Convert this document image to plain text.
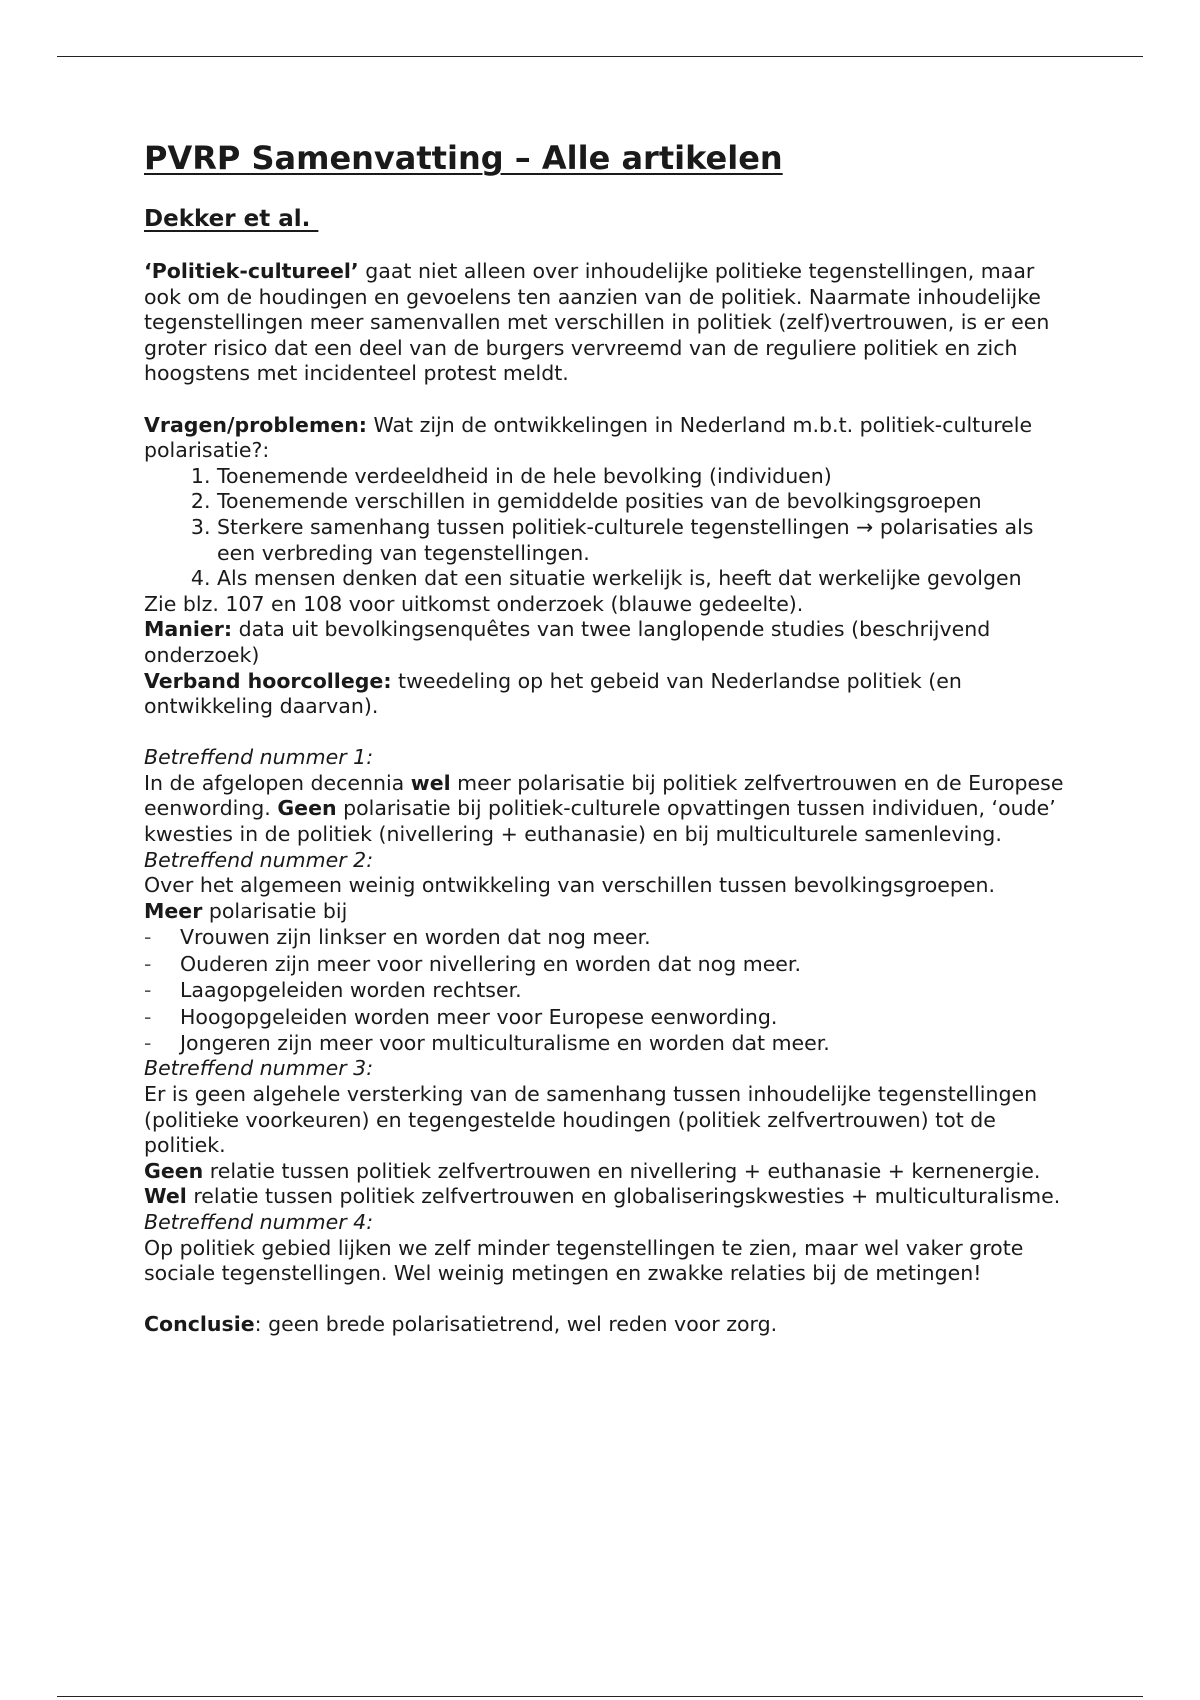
PVRP Samenvatting – Alle artikelen
Dekker et al.

‘Politiek-cultureel’ gaat niet alleen over inhoudelijke politieke tegenstellingen, maar ook om de houdingen en gevoelens ten aanzien van de politiek. Naarmate inhoudelijke tegenstellingen meer samenvallen met verschillen in politiek (zelf)vertrouwen, is er een groter risico dat een deel van de burgers vervreemd van de reguliere politiek en zich hoogstens met incidenteel protest meldt.

Vragen/problemen: Wat zijn de ontwikkelingen in Nederland m.b.t. politiek-culturele polarisatie?:

1. Toenemende verdeeldheid in de hele bevolking (individuen)
2. Toenemende verschillen in gemiddelde posities van de bevolkingsgroepen
3. Sterkere samenhang tussen politiek-culturele tegenstellingen → polarisaties als een verbreding van tegenstellingen.
4. Als mensen denken dat een situatie werkelijk is, heeft dat werkelijke gevolgen

Zie blz. 107 en 108 voor uitkomst onderzoek (blauwe gedeelte).

Manier: data uit bevolkingsenquêtes van twee langlopende studies (beschrijvend onderzoek)

Verband hoorcollege: tweedeling op het gebeid van Nederlandse politiek (en ontwikkeling daarvan).

Betreffend nummer 1:

In de afgelopen decennia wel meer polarisatie bij politiek zelfvertrouwen en de Europese eenwording. Geen polarisatie bij politiek-culturele opvattingen tussen individuen, ‘oude’ kwesties in de politiek (nivellering + euthanasie) en bij multiculturele samenleving.

Betreffend nummer 2:

Over het algemeen weinig ontwikkeling van verschillen tussen bevolkingsgroepen.

Meer polarisatie bij

- Vrouwen zijn linkser en worden dat nog meer.
- Ouderen zijn meer voor nivellering en worden dat nog meer.
- Laagopgeleiden worden rechtser.
- Hoogopgeleiden worden meer voor Europese eenwording.
- Jongeren zijn meer voor multiculturalisme en worden dat meer.

Betreffend nummer 3:

Er is geen algehele versterking van de samenhang tussen inhoudelijke tegenstellingen (politieke voorkeuren) en tegengestelde houdingen (politiek zelfvertrouwen) tot de politiek.

Geen relatie tussen politiek zelfvertrouwen en nivellering + euthanasie + kernenergie.

Wel relatie tussen politiek zelfvertrouwen en globaliseringskwesties + multiculturalisme.

Betreffend nummer 4:

Op politiek gebied lijken we zelf minder tegenstellingen te zien, maar wel vaker grote sociale tegenstellingen. Wel weinig metingen en zwakke relaties bij de metingen!

Conclusie: geen brede polarisatietrend, wel reden voor zorg.
